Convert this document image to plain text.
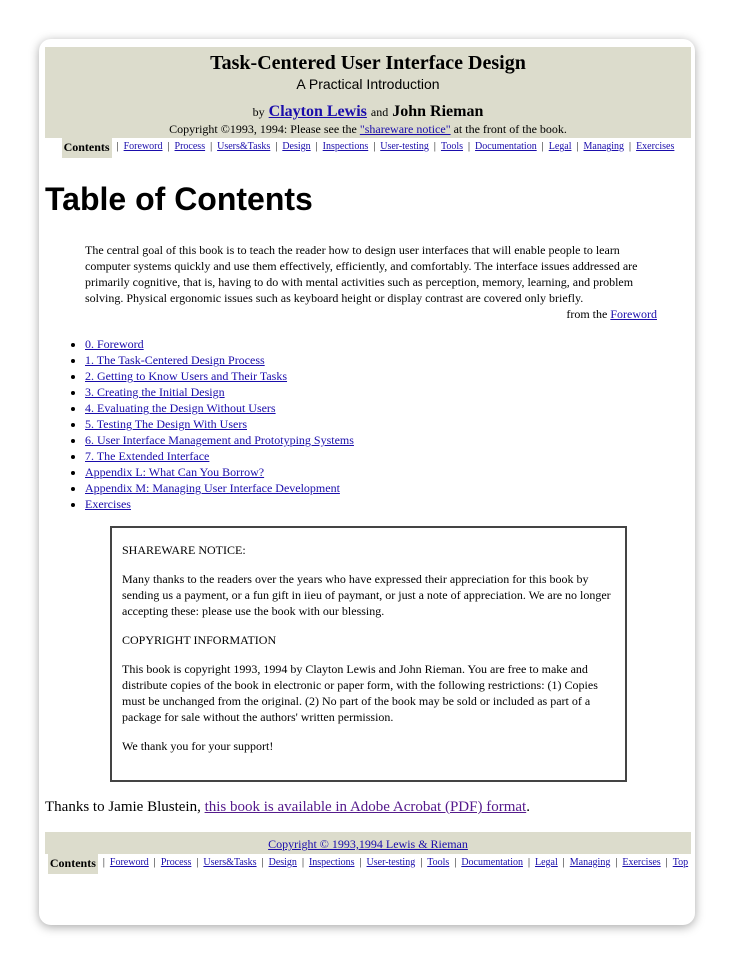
Task-Centered User Interface Design
A Practical Introduction
by Clayton Lewis and John Rieman
Copyright ©1993, 1994: Please see the "shareware notice" at the front of the book.
Contents | Foreword | Process | Users&Tasks | Design | Inspections | User-testing | Tools | Documentation | Legal | Managing | Exercises
Table of Contents
The central goal of this book is to teach the reader how to design user interfaces that will enable people to learn computer systems quickly and use them effectively, efficiently, and comfortably. The interface issues addressed are primarily cognitive, that is, having to do with mental activities such as perception, memory, learning, and problem solving. Physical ergonomic issues such as keyboard height or display contrast are covered only briefly.
from the Foreword
• 0. Foreword
• 1. The Task-Centered Design Process
• 2. Getting to Know Users and Their Tasks
• 3. Creating the Initial Design
• 4. Evaluating the Design Without Users
• 5. Testing The Design With Users
• 6. User Interface Management and Prototyping Systems
• 7. The Extended Interface
• Appendix L: What Can You Borrow?
• Appendix M: Managing User Interface Development
• Exercises

SHAREWARE NOTICE:

Many thanks to the readers over the years who have expressed their appreciation for this book by sending us a payment, or a fun gift in iieu of paymant, or just a note of appreciation. We are no longer accepting these: please use the book with our blessing.

COPYRIGHT INFORMATION

This book is copyright 1993, 1994 by Clayton Lewis and John Rieman. You are free to make and distribute copies of the book in electronic or paper form, with the following restrictions: (1) Copies must be unchanged from the original. (2) No part of the book may be sold or included as part of a package for sale without the authors' written permission.

We thank you for your support!

Thanks to Jamie Blustein, this book is available in Adobe Acrobat (PDF) format.
Copyright © 1993,1994 Lewis & Rieman
Contents | Foreword | Process | Users&Tasks | Design | Inspections | User-testing | Tools | Documentation | Legal | Managing | Exercises | Top
